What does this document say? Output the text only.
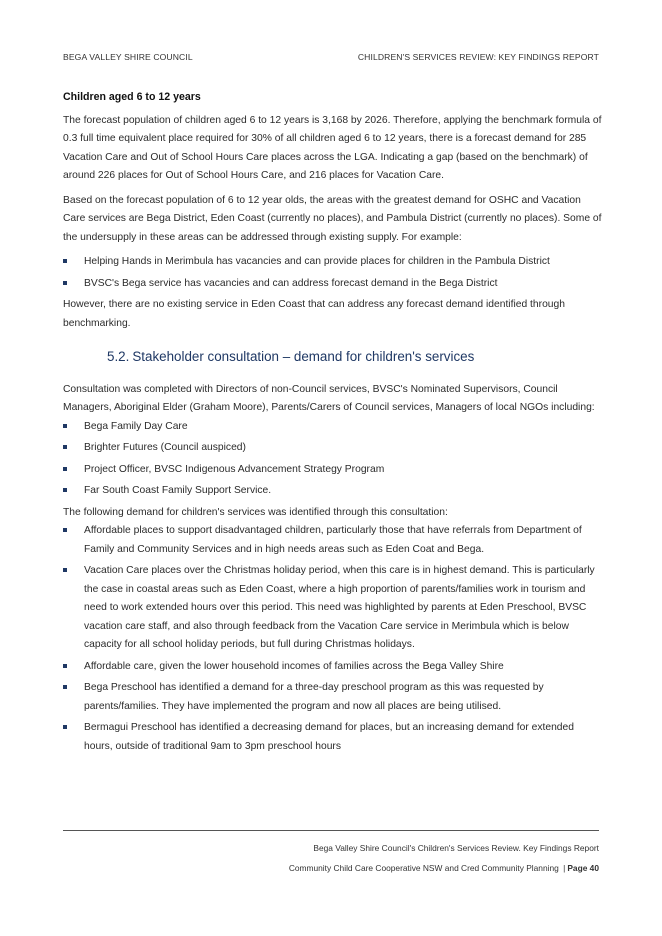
BEGA VALLEY SHIRE COUNCIL	CHILDREN'S SERVICES REVIEW: KEY FINDINGS REPORT
Children aged 6 to 12 years

The forecast population of children aged 6 to 12 years is 3,168 by 2026. Therefore, applying the benchmark formula of 0.3 full time equivalent place required for 30% of all children aged 6 to 12 years, there is a forecast demand for 285 Vacation Care and Out of School Hours Care places across the LGA. Indicating a gap (based on the benchmark) of around 226 places for Out of School Hours Care, and 216 places for Vacation Care.

Based on the forecast population of 6 to 12 year olds, the areas with the greatest demand for OSHC and Vacation Care services are Bega District, Eden Coast (currently no places), and Pambula District (currently no places). Some of the undersupply in these areas can be addressed through existing supply. For example:

Helping Hands in Merimbula has vacancies and can provide places for children in the Pambula District
BVSC's Bega service has vacancies and can address forecast demand in the Bega District

However, there are no existing service in Eden Coast that can address any forecast demand identified through benchmarking.

5.2. Stakeholder consultation – demand for children's services

Consultation was completed with Directors of non-Council services, BVSC's Nominated Supervisors, Council Managers, Aboriginal Elder (Graham Moore), Parents/Carers of Council services, Managers of local NGOs including:

Bega Family Day Care
Brighter Futures (Council auspiced)
Project Officer, BVSC Indigenous Advancement Strategy Program
Far South Coast Family Support Service.

The following demand for children's services was identified through this consultation:

Affordable places to support disadvantaged children, particularly those that have referrals from Department of Family and Community Services and in high needs areas such as Eden Coat and Bega.
Vacation Care places over the Christmas holiday period, when this care is in highest demand. This is particularly the case in coastal areas such as Eden Coast, where a high proportion of parents/families work in tourism and need to work extended hours over this period. This need was highlighted by parents at Eden Preschool, BVSC vacation care staff, and also through feedback from the Vacation Care service in Merimbula which is below capacity for all school holiday periods, but full during Christmas holidays.
Affordable care, given the lower household incomes of families across the Bega Valley Shire
Bega Preschool has identified a demand for a three-day preschool program as this was requested by parents/families. They have implemented the program and now all places are being utilised.
Bermagui Preschool has identified a decreasing demand for places, but an increasing demand for extended hours, outside of traditional 9am to 3pm preschool hours
Bega Valley Shire Council's Children's Services Review. Key Findings Report
Community Child Care Cooperative NSW and Cred Community Planning | Page 40
